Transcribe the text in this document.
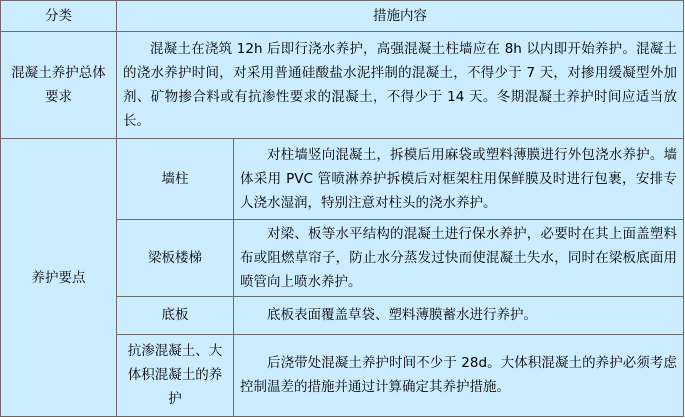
分类	措施内容	
混凝土养护总体要求	混凝土在浇筑 12h 后即行浇水养护，高强混凝土柱墙应在 8h 以内即开始养护。混凝土的浇水养护时间，对采用普通硅酸盐水泥拌制的混凝土，不得少于 7 天，对掺用缓凝型外加剂、矿物掺合料或有抗渗性要求的混凝土，不得少于 14 天。冬期混凝土养护时间应适当放长。	

养护要点	墙柱	对柱墙竖向混凝土，拆模后用麻袋或塑料薄膜进行外包浇水养护。墙体采用 PVC 管喷淋养护拆模后对框架柱用保鲜膜及时进行包裹，安排专人浇水湿润，特别注意对柱头的浇水养护。

	梁板楼梯	对梁、板等水平结构的混凝土进行保水养护，必要时在其上面盖塑料布或阻燃草帘子，防止水分蒸发过快而使混凝土失水，同时在梁板底面用喷管向上喷水养护。

	底板	底板表面覆盖草袋、塑料薄膜蓄水进行养护。

	抗渗混凝土、大体积混凝土的养护	后浇带处混凝土养护时间不少于 28d。大体积混凝土的养护必须考虑控制温差的措施并通过计算确定其养护措施。
